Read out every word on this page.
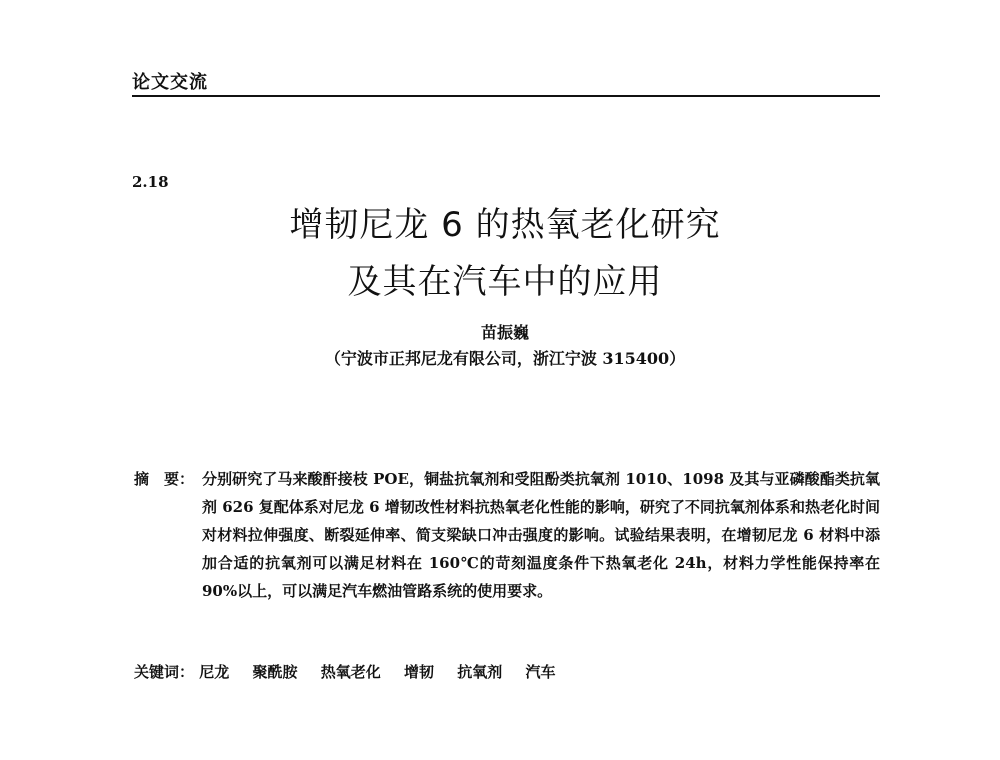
论文交流
2.18
增韧尼龙 6 的热氧老化研究
及其在汽车中的应用
苗振巍
（宁波市正邦尼龙有限公司，浙江宁波 315400）
摘　要： 分别研究了马来酸酐接枝 POE，铜盐抗氧剂和受阻酚类抗氧剂 1010、1098 及其与亚磷酸酯类抗氧剂 626 复配体系对尼龙 6 增韧改性材料抗热氧老化性能的影响，研究了不同抗氧剂体系和热老化时间对材料拉伸强度、断裂延伸率、简支梁缺口冲击强度的影响。试验结果表明，在增韧尼龙 6 材料中添加合适的抗氧剂可以满足材料在 160℃的苛刻温度条件下热氧老化 24h，材料力学性能保持率在 90%以上，可以满足汽车燃油管路系统的使用要求。
关键词： 尼龙 聚酰胺 热氧老化 增韧 抗氧剂 汽车
